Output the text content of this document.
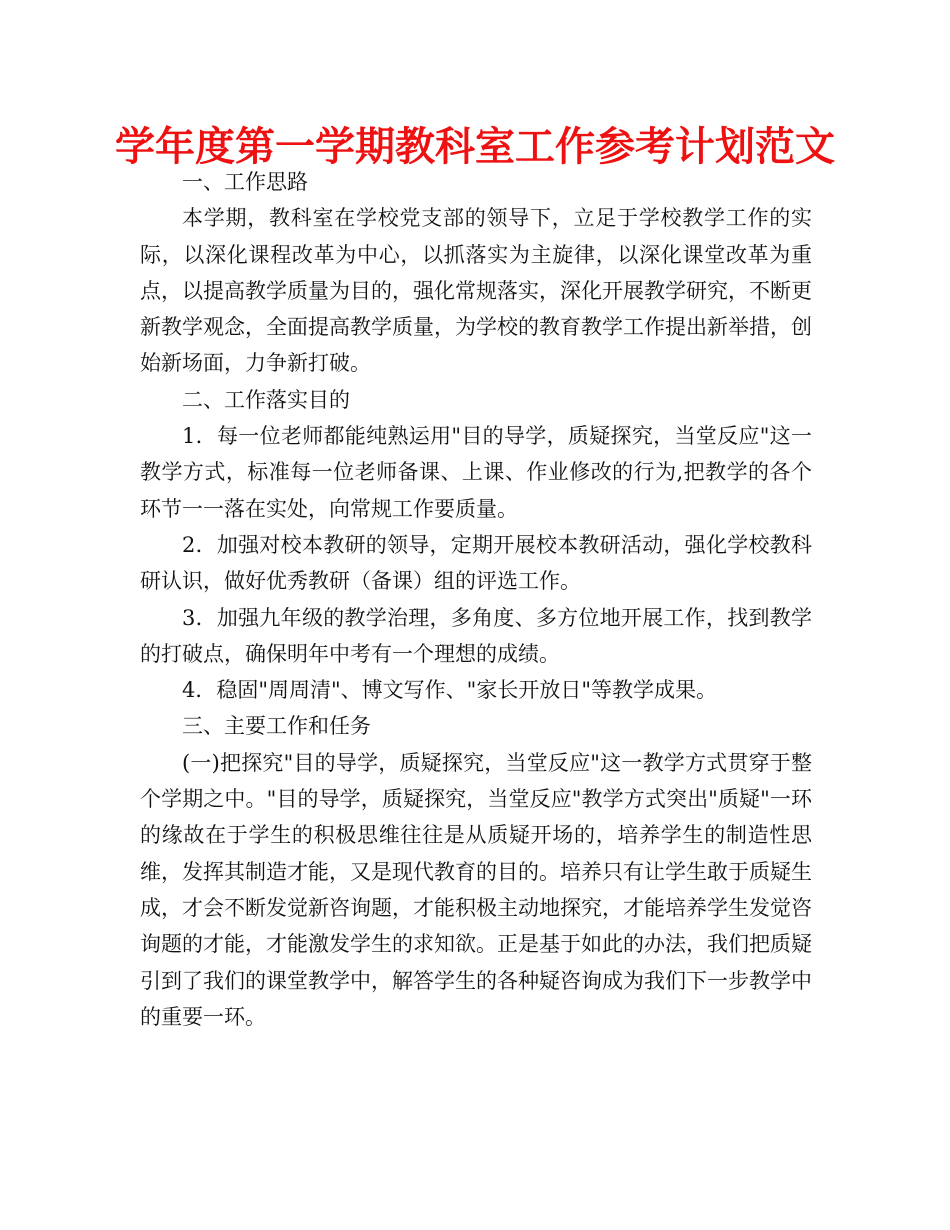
学年度第一学期教科室工作参考计划范文

一、工作思路

本学期，教科室在学校党支部的领导下，立足于学校教学工作的实际，以深化课程改革为中心，以抓落实为主旋律，以深化课堂改革为重点，以提高教学质量为目的，强化常规落实，深化开展教学研究，不断更新教学观念，全面提高教学质量，为学校的教育教学工作提出新举措，创始新场面，力争新打破。

二、工作落实目的

1．每一位老师都能纯熟运用"目的导学，质疑探究，当堂反应"这一教学方式，标准每一位老师备课、上课、作业修改的行为,把教学的各个环节一一落在实处，向常规工作要质量。

2．加强对校本教研的领导，定期开展校本教研活动，强化学校教科研认识，做好优秀教研（备课）组的评选工作。

3．加强九年级的教学治理，多角度、多方位地开展工作，找到教学的打破点，确保明年中考有一个理想的成绩。

4．稳固"周周清"、博文写作、"家长开放日"等教学成果。

三、主要工作和任务

(一)把探究"目的导学，质疑探究，当堂反应"这一教学方式贯穿于整个学期之中。"目的导学，质疑探究，当堂反应"教学方式突出"质疑"一环的缘故在于学生的积极思维往往是从质疑开场的，培养学生的制造性思维，发挥其制造才能，又是现代教育的目的。培养只有让学生敢于质疑生成，才会不断发觉新咨询题，才能积极主动地探究，才能培养学生发觉咨询题的才能，才能激发学生的求知欲。正是基于如此的办法，我们把质疑引到了我们的课堂教学中，解答学生的各种疑咨询成为我们下一步教学中的重要一环。
